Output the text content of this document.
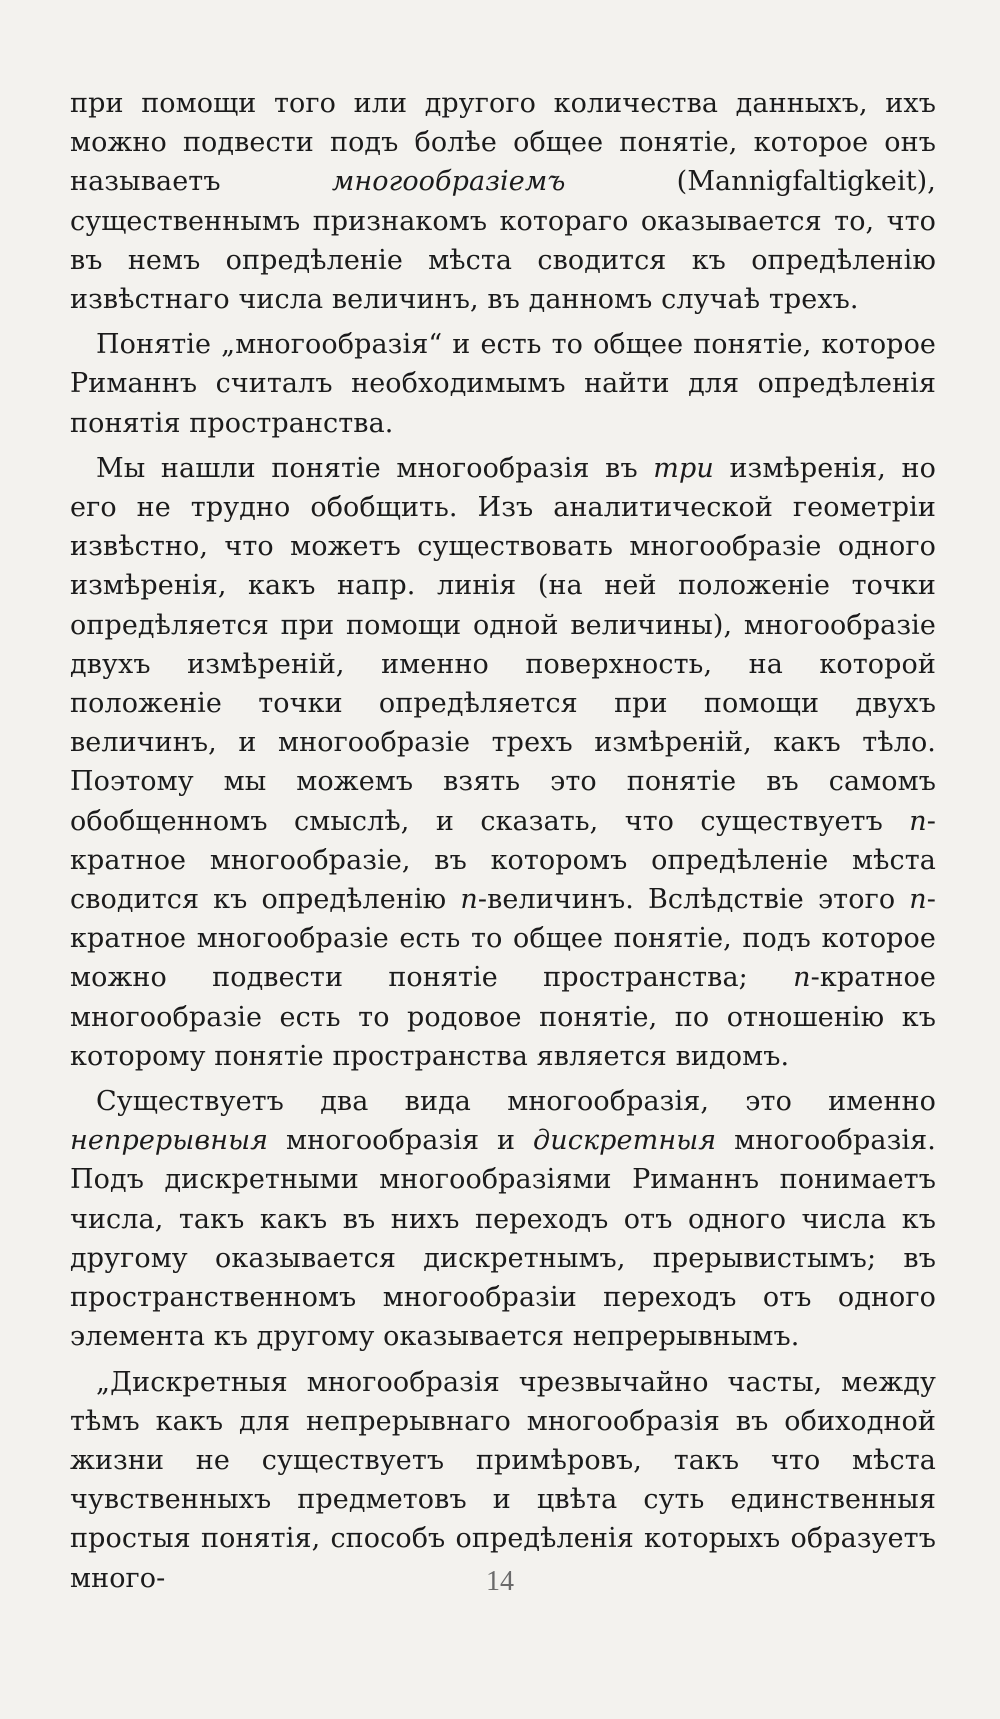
при помощи того или другого количества данныхъ, ихъ можно подвести подъ болѣе общее понятіе, которое онъ называетъ многообразіемъ (Mannigfaltigkeit), существеннымъ признакомъ котораго оказывается то, что въ немъ опредѣленіе мѣста сводится къ опредѣленію извѣстнаго числа величинъ, въ данномъ случаѣ трехъ.

Понятіе „многообразія“ и есть то общее понятіе, которое Риманнъ считалъ необходимымъ найти для опредѣленія понятія пространства.

Мы нашли понятіе многообразія въ три измѣренія, но его не трудно обобщить. Изъ аналитической геометріи извѣстно, что можетъ существовать многообразіе одного измѣренія, какъ напр. линія (на ней положеніе точки опредѣляется при помощи одной величины), многообразіе двухъ измѣреній, именно поверхность, на которой положеніе точки опредѣляется при помощи двухъ величинъ, и многообразіе трехъ измѣреній, какъ тѣло. Поэтому мы можемъ взять это понятіе въ самомъ обобщенномъ смыслѣ, и сказать, что существуетъ n-кратное многообразіе, въ которомъ опредѣленіе мѣста сводится къ опредѣленію n-величинъ. Вслѣдствіе этого n-кратное многообразіе есть то общее понятіе, подъ которое можно подвести понятіе пространства; n-кратное многообразіе есть то родовое понятіе, по отношенію къ которому понятіе пространства является видомъ.

Существуетъ два вида многообразія, это именно непрерывныя многообразія и дискретныя многообразія. Подъ дискретными многообразіями Риманнъ понимаетъ числа, такъ какъ въ нихъ переходъ отъ одного числа къ другому оказывается дискретнымъ, прерывистымъ; въ пространственномъ многообразіи переходъ отъ одного элемента къ другому оказывается непрерывнымъ.

„Дискретныя многообразія чрезвычайно часты, между тѣмъ какъ для непрерывнаго многообразія въ обиходной жизни не существуетъ примѣровъ, такъ что мѣста чувственныхъ предметовъ и цвѣта суть единственныя простыя понятія, способъ опредѣленія которыхъ образуетъ много-	14
